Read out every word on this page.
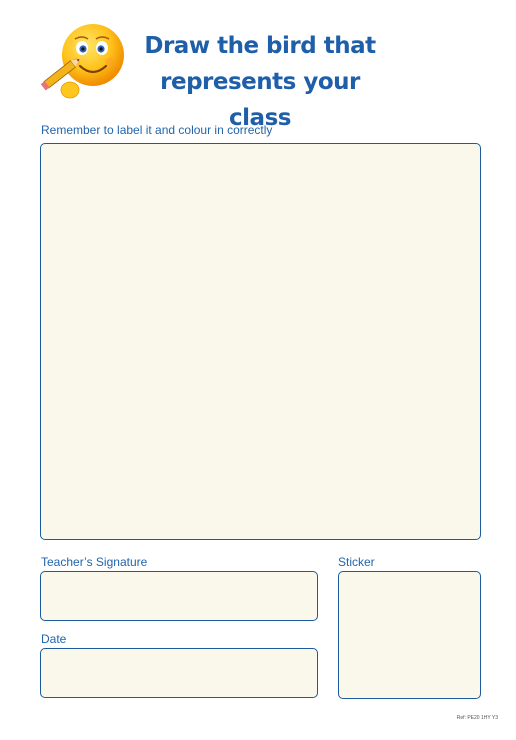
Draw the bird that
represents your class
Remember to label it and colour in correctly
Teacher’s Signature
Date
Sticker
Ref: PE20 1HY Y3
